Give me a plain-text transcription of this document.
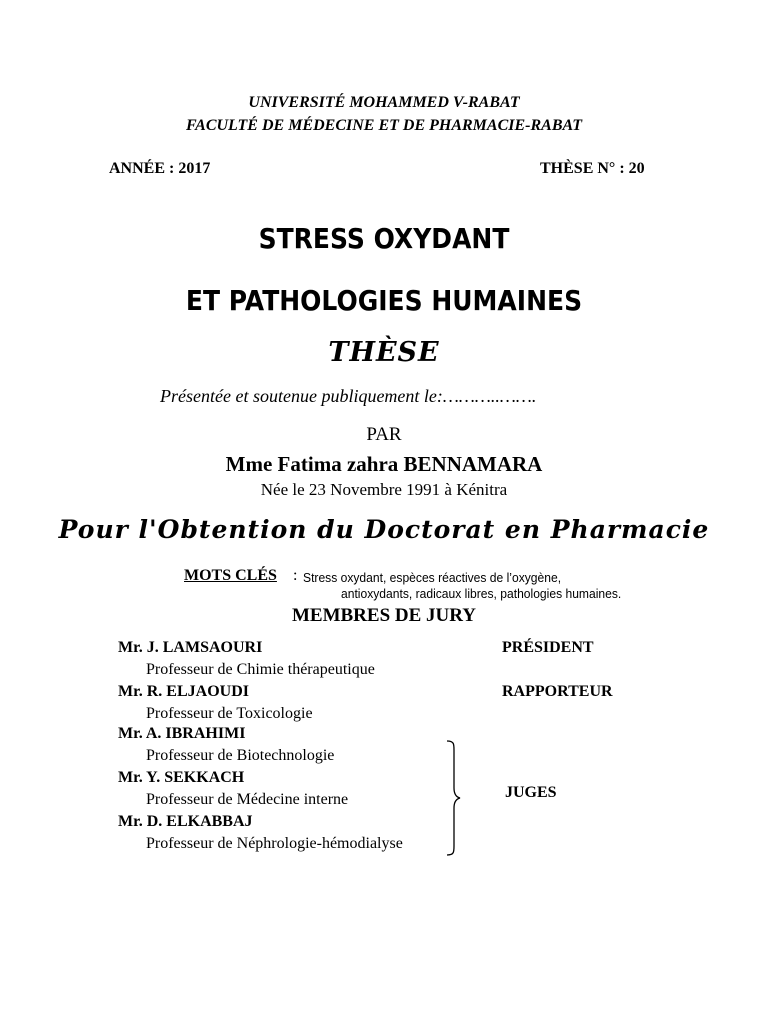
UNIVERSITÉ MOHAMMED V-RABAT
FACULTÉ DE MÉDECINE ET DE PHARMACIE-RABAT
ANNÉE : 2017	THÈSE N° : 20
STRESS OXYDANT
ET PATHOLOGIES HUMAINES
THÈSE
Présentée et soutenue publiquement le:………..…….
PAR
Mme Fatima zahra BENNAMARA
Née le 23 Novembre 1991 à Kénitra
Pour l'Obtention du Doctorat en Pharmacie
MOTS CLÉS : Stress oxydant, espèces réactives de l’oxygène,
antioxydants, radicaux libres, pathologies humaines.
MEMBRES DE JURY
Mr. J. LAMSAOURI
Professeur de Chimie thérapeutique
PRÉSIDENT
Mr. R. ELJAOUDI
Professeur de Toxicologie
RAPPORTEUR
Mr. A. IBRAHIMI
Professeur de Biotechnologie
Mr. Y. SEKKACH
Professeur de Médecine interne
Mr. D. ELKABBAJ
Professeur de Néphrologie-hémodialyse
JUGES
